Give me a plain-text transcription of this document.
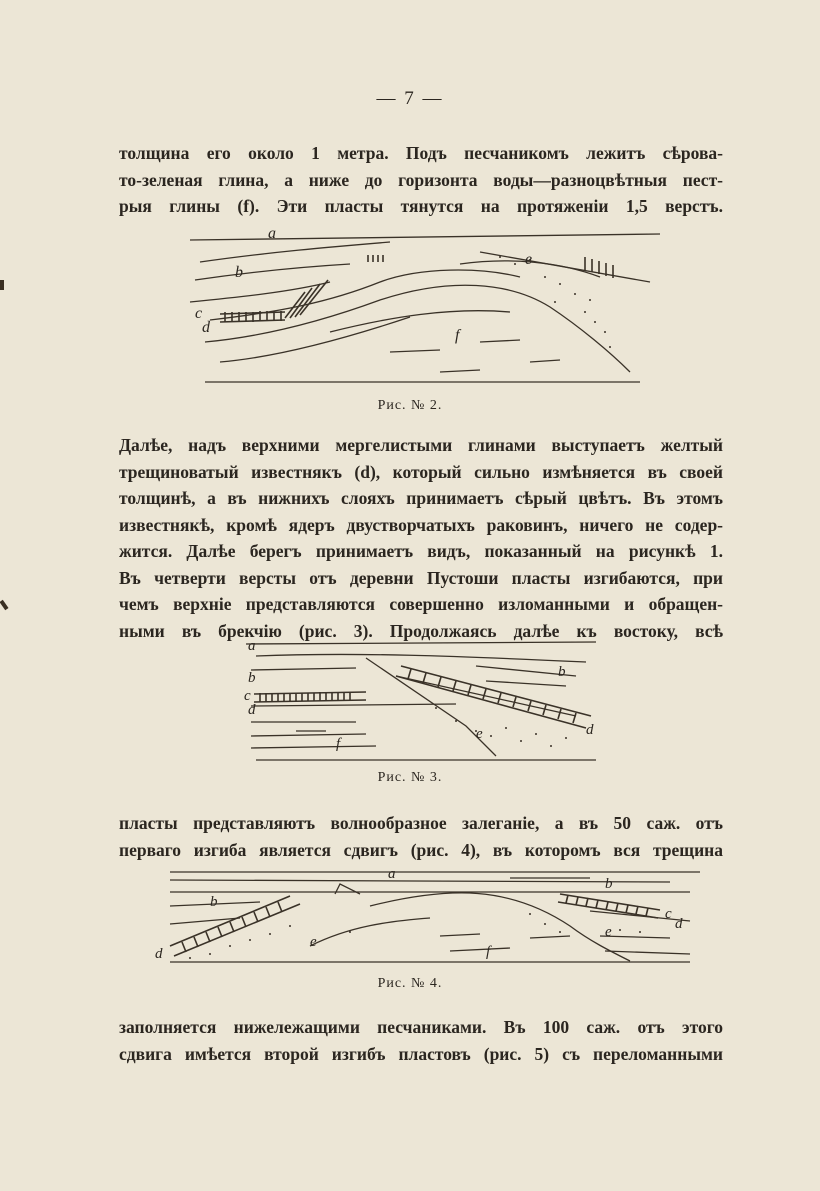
— 7 —
толщина его около 1 метра. Подъ песчаникомъ лежитъ сѣрова-
то-зеленая глина, а ниже до горизонта воды—разноцвѣтныя пест-
рыя глины (f). Эти пласты тянутся на протяженіи 1,5 верстъ.
a
b
c
d
e
f
Рис. № 2.
Далѣе, надъ верхними мергелистыми глинами выступаетъ желтый
трещиноватый известнякъ (d), который сильно измѣняется въ своей
толщинѣ, а въ нижнихъ слояхъ принимаетъ сѣрый цвѣтъ. Въ этомъ
известнякѣ, кромѣ ядеръ двустворчатыхъ раковинъ, ничего не содер-
жится. Далѣе берегъ принимаетъ видъ, показанный на рисункѣ 1.
Въ четверти версты отъ деревни Пустоши пласты изгибаются, при
чемъ верхніе представляются совершенно изломанными и обращен-
ными въ брекчію (рис. 3). Продолжаясь далѣе къ востоку, всѣ
a
b
c
d
e
f
b
d
Рис. № 3.
пласты представляютъ волнообразное залеганіе, а въ 50 саж. отъ
перваго изгиба является сдвигъ (рис. 4), въ которомъ вся трещина
a
b
b
c
d
d
e
e
f
Рис. № 4.
заполняется нижележащими песчаниками. Въ 100 саж. отъ этого
сдвига имѣется второй изгибъ пластовъ (рис. 5) съ переломанными
